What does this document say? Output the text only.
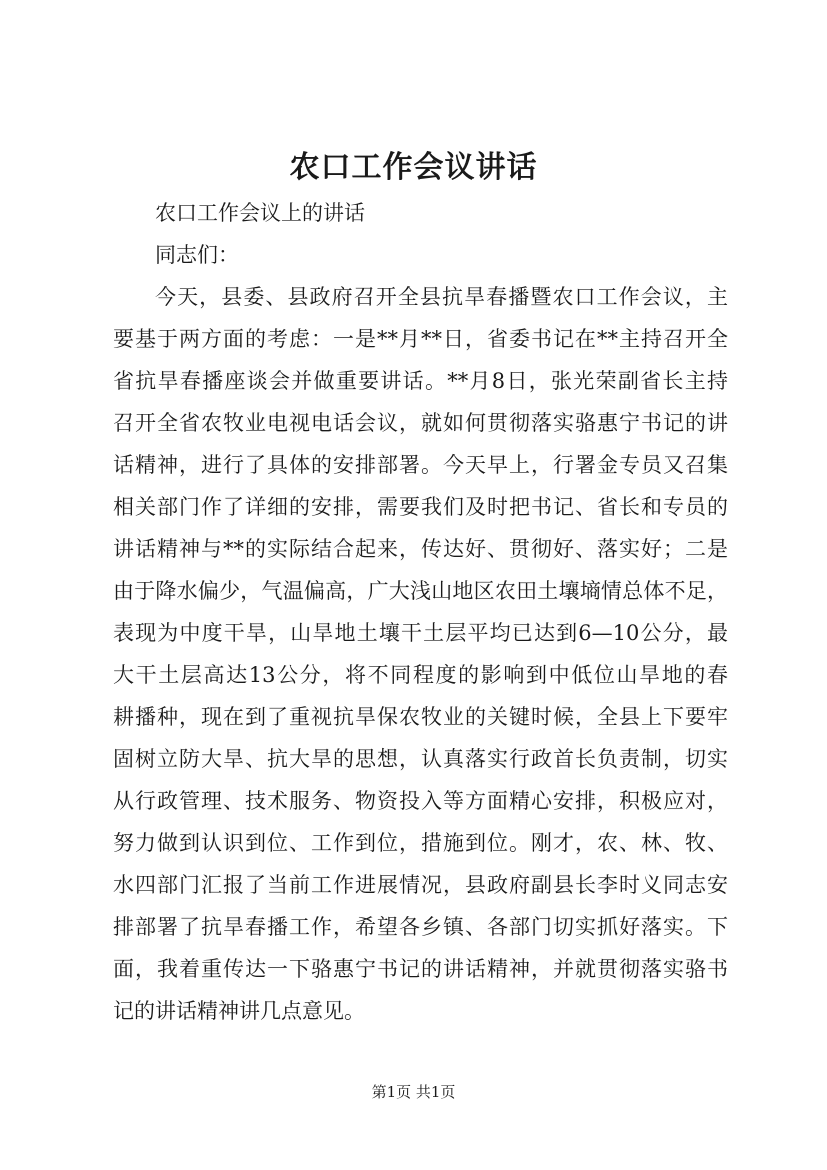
农口工作会议讲话
农口工作会议上的讲话
同志们：
今天，县委、县政府召开全县抗旱春播暨农口工作会议，主
要基于两方面的考虑：一是**月**日，省委书记在**主持召开全
省抗旱春播座谈会并做重要讲话。**月8日，张光荣副省长主持
召开全省农牧业电视电话会议，就如何贯彻落实骆惠宁书记的讲
话精神，进行了具体的安排部署。今天早上，行署金专员又召集
相关部门作了详细的安排，需要我们及时把书记、省长和专员的
讲话精神与**的实际结合起来，传达好、贯彻好、落实好；二是
由于降水偏少，气温偏高，广大浅山地区农田土壤墒情总体不足，
表现为中度干旱，山旱地土壤干土层平均已达到6—10公分，最
大干土层高达13公分，将不同程度的影响到中低位山旱地的春
耕播种，现在到了重视抗旱保农牧业的关键时候，全县上下要牢
固树立防大旱、抗大旱的思想，认真落实行政首长负责制，切实
从行政管理、技术服务、物资投入等方面精心安排，积极应对，
努力做到认识到位、工作到位，措施到位。刚才，农、林、牧、
水四部门汇报了当前工作进展情况，县政府副县长李时义同志安
排部署了抗旱春播工作，希望各乡镇、各部门切实抓好落实。下
面，我着重传达一下骆惠宁书记的讲话精神，并就贯彻落实骆书
记的讲话精神讲几点意见。
第1页 共1页
